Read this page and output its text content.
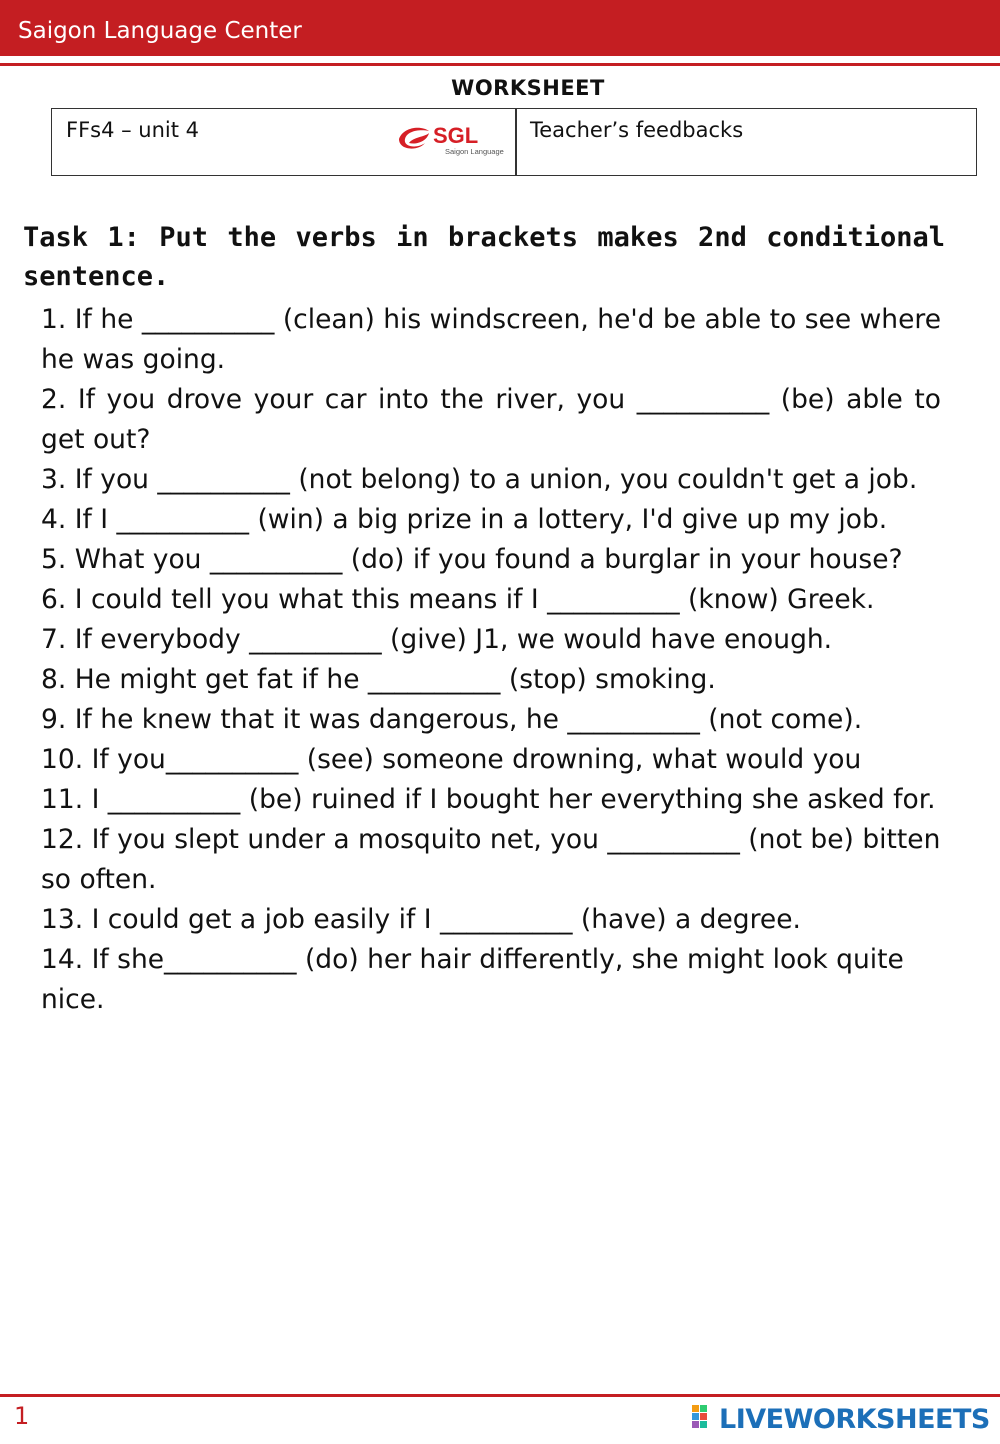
Saigon Language Center
WORKSHEET
FFs4 – unit 4	SGL
Saigon Language
Teacher’s feedbacks
Task 1: Put the verbs in brackets makes 2nd conditional sentence.
1. If he __________ (clean) his windscreen, he'd be able to see where he was going.
2. If you drove your car into the river, you __________ (be) able to get out?
3. If you __________ (not belong) to a union, you couldn't get a job.
4. If I __________ (win) a big prize in a lottery, I'd give up my job.
5. What you __________ (do) if you found a burglar in your house?
6. I could tell you what this means if I __________ (know) Greek.
7. If everybody __________ (give) J1, we would have enough.
8. He might get fat if he __________ (stop) smoking.
9. If he knew that it was dangerous, he __________ (not come).
10. If you__________ (see) someone drowning, what would you
11. I __________ (be) ruined if I bought her everything she asked for.
12. If you slept under a mosquito net, you __________ (not be) bitten so often.
13. I could get a job easily if I __________ (have) a degree.
14. If she__________ (do) her hair differently, she might look quite nice.
1	LIVEWORKSHEETS
